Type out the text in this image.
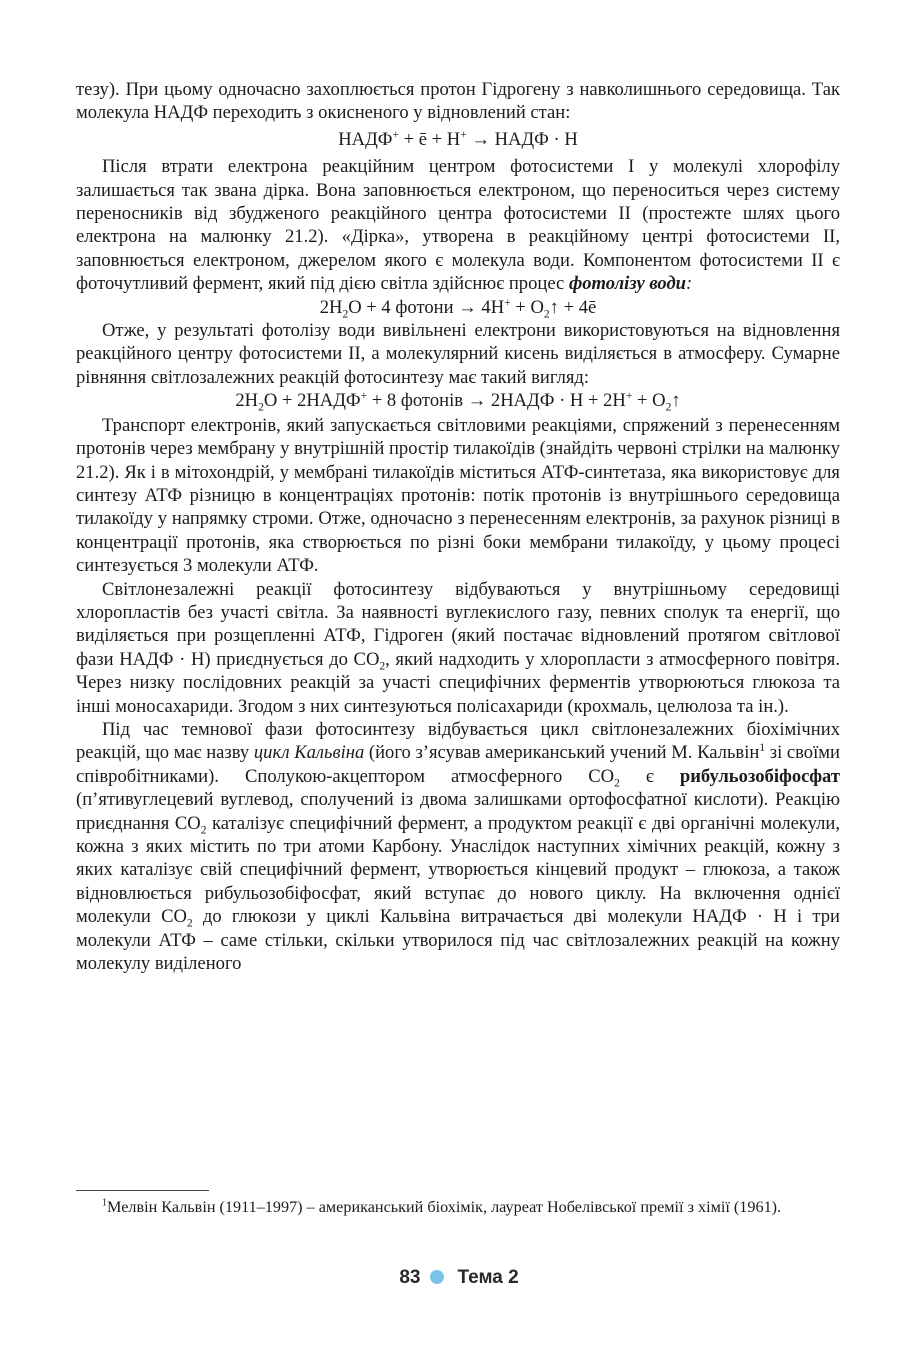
тезу). При цьому одночасно захоплюється протон Гідрогену з навколишнього середовища. Так молекула НАДФ переходить з окисненого у відновлений стан:

НАДФ+ + ē + H+ → НАДФ · H

Після втрати електрона реакційним центром фотосистеми I у молекулі хлорофілу залишається так звана дірка. Вона заповнюється електроном, що переноситься через систему переносників від збудженого реакційного центра фотосистеми II (простежте шлях цього електрона на малюнку 21.2). «Дірка», утворена в реакційному центрі фотосистеми II, заповнюється електроном, джерелом якого є молекула води. Компонентом фотосистеми II є фоточутливий фермент, який під дією світла здійснює процес фотолізу води:

$2H_2O + 4$ фотони → $4H^+ + O_2↑$ + 4ē

Отже, у результаті фотолізу води вивільнені електрони використовуються на відновлення реакційного центру фотосистеми II, а молекулярний кисень виділяється в атмосферу. Сумарне рівняння світлозалежних реакцій фотосинтезу має такий вигляд:

$2H_2O$ + 2НАДФ+ + 8 фотонів → 2НАДФ · $H + 2H^+ + O_2↑$

Транспорт електронів, який запускається світловими реакціями, спряжений з перенесенням протонів через мембрану у внутрішній простір тилакоїдів (знайдіть червоні стрілки на малюнку 21.2). Як і в мітохондрій, у мембрані тилакоїдів міститься АТФ-синтетаза, яка використовує для синтезу АТФ різницю в концентраціях протонів: потік протонів із внутрішнього середовища тилакоїду у напрямку строми. Отже, одночасно з перенесенням електронів, за рахунок різниці в концентрації протонів, яка створюється по різні боки мембрани тилакоїду, у цьому процесі синтезується 3 молекули АТФ.

Світлонезалежні реакції фотосинтезу відбуваються у внутрішньому середовищі хлоропластів без участі світла. За наявності вуглекислого газу, певних сполук та енергії, що виділяється при розщепленні АТФ, Гідроген (який постачає відновлений протягом світлової фази НАДФ · H) приєднується до $CO_2$, який надходить у хлоропласти з атмосферного повітря. Через низку послідовних реакцій за участі специфічних ферментів утворюються глюкоза та інші моносахариди. Згодом з них синтезуються полісахариди (крохмаль, целюлоза та ін.).

Під час темнової фази фотосинтезу відбувається цикл світлонезалежних біохімічних реакцій, що має назву цикл Кальвіна (його з’ясував американський учений М. Кальвін$^1$ зі своїми співробітниками). Сполукою-акцептором атмосферного $CO_2$ є рибульозобіфосфат (п’ятивуглецевий вуглевод, сполучений із двома залишками ортофосфатної кислоти). Реакцію приєднання $CO_2$ каталізує специфічний фермент, а продуктом реакції є дві органічні молекули, кожна з яких містить по три атоми Карбону. Унаслідок наступних хімічних реакцій, кожну з яких каталізує свій специфічний фермент, утворюється кінцевий продукт – глюкоза, а також відновлюється рибульозобіфосфат, який вступає до нового циклу. На включення однієї молекули $CO_2$ до глюкози у циклі Кальвіна витрачається дві молекули НАДФ · H і три молекули АТФ – саме стільки, скільки утворилося під час світлозалежних реакцій на кожну молекулу виділеного

$^1$Мелвін Кальвін (1911–1997) – американський біохімік, лауреат Нобелівської премії з хімії (1961).
83 Тема 2
